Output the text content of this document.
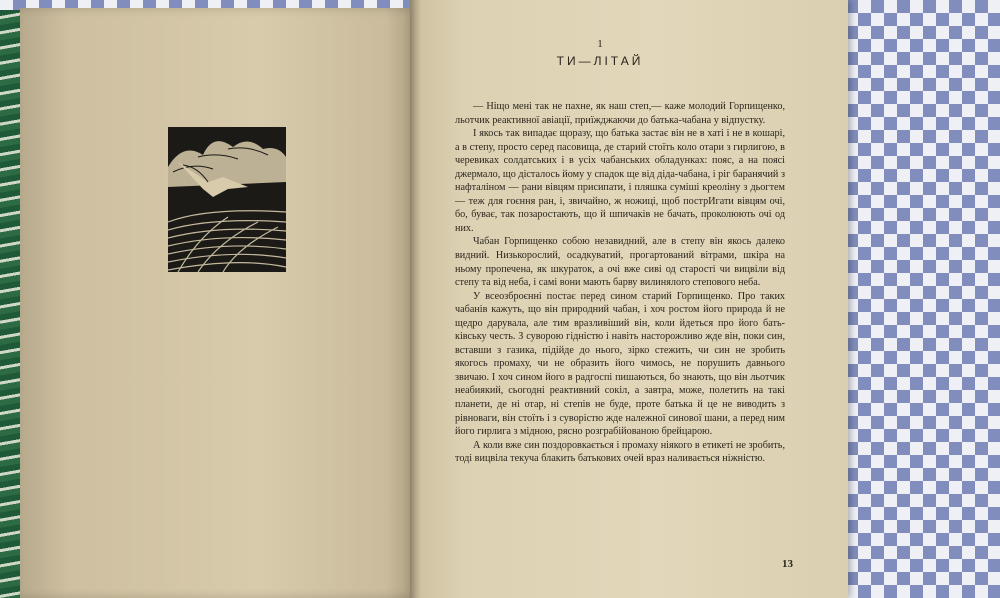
1
ТИ—ЛІТАЙ

— Ніщо мені так не пахне, як наш степ,— каже молодий Горпищенко, льотчик реактивної авіації, приїжджаючи до батька-чабана у відпустку.

І якось так випадає щоразу, що батька застає він не в хаті і не в кошарі, а в степу, просто серед пасовища, де старий стоїть коло отари з гирлигою, в черевиках солдатських і в усіх чабанських обладунках: пояс, а на поясі джермало, що дісталось йому у спадок ще від діда-чабана, і ріг баранячий з нафталіном — рани вівцям присипати, і пляшка суміші креоліну з дьогтем — теж для гоєння ран, і, звичайно, ж ножиці, щоб пострИгати вівцям очі, бо, буває, так позаростають, що й шпичаків не бачать, проколюють очі од них.

Чабан Горпищенко собою незавидний, але в степу він якось далеко видний. Низькорослий, осадкуватий, прогартований вітрами, шкіра на ньому пропечена, як шкураток, а очі вже сиві од старості чи вицвіли від степу та від неба, і самі вони мають барву вилинялого степового неба.

У всеозброєнні постає перед сином старий Горпищенко. Про таких чабанів кажуть, що він природний чабан, і хоч ростом його природа й не щедро дарувала, але тим вразливіший він, коли йдеться про його батьківську честь. З суворою гідністю і навіть насторожливо жде він, поки син, вставши з газика, підійде до нього, зірко стежить, чи син не зробить якогось промаху, чи не образить його чимось, не порушить давнього звичаю. І хоч сином його в радгоспі пишаються, бо знають, що він льотчик неабиякий, сьогодні реактивний сокіл, а завтра, може, полетить на такі планети, де ні отар, ні степів не буде, проте батька й це не виводить з рівноваги, він стоїть і з суворістю жде належної синової шани, а перед ним його гирлига з мідною, рясно розграбійованою брейцарою.

А коли вже син поздоровкається і промаху ніякого в етикеті не зробить, тоді вицвіла текуча блакить батькових очей враз наливається ніжністю.

13
